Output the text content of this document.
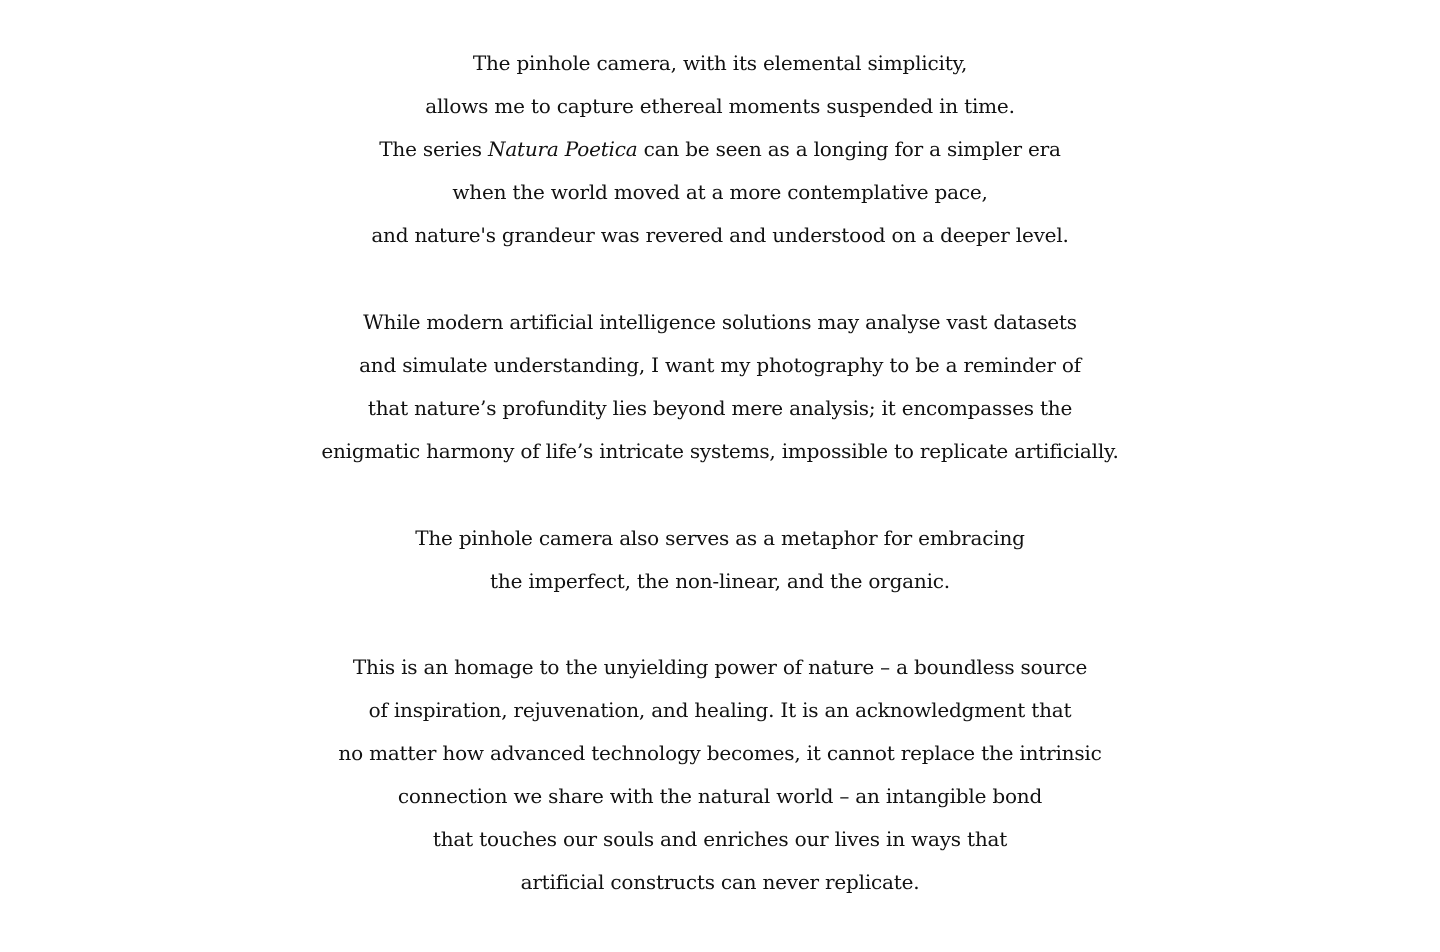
The pinhole camera, with its elemental simplicity,
allows me to capture ethereal moments suspended in time.
The series Natura Poetica can be seen as a longing for a simpler era
when the world moved at a more contemplative pace,
and nature's grandeur was revered and understood on a deeper level.
While modern artificial intelligence solutions may analyse vast datasets
and simulate understanding, I want my photography to be a reminder of
that nature’s profundity lies beyond mere analysis; it encompasses the
enigmatic harmony of life’s intricate systems, impossible to replicate artificially.
The pinhole camera also serves as a metaphor for embracing
the imperfect, the non-linear, and the organic.
This is an homage to the unyielding power of nature – a boundless source
of inspiration, rejuvenation, and healing. It is an acknowledgment that
no matter how advanced technology becomes, it cannot replace the intrinsic
connection we share with the natural world – an intangible bond
that touches our souls and enriches our lives in ways that
artificial constructs can never replicate.
